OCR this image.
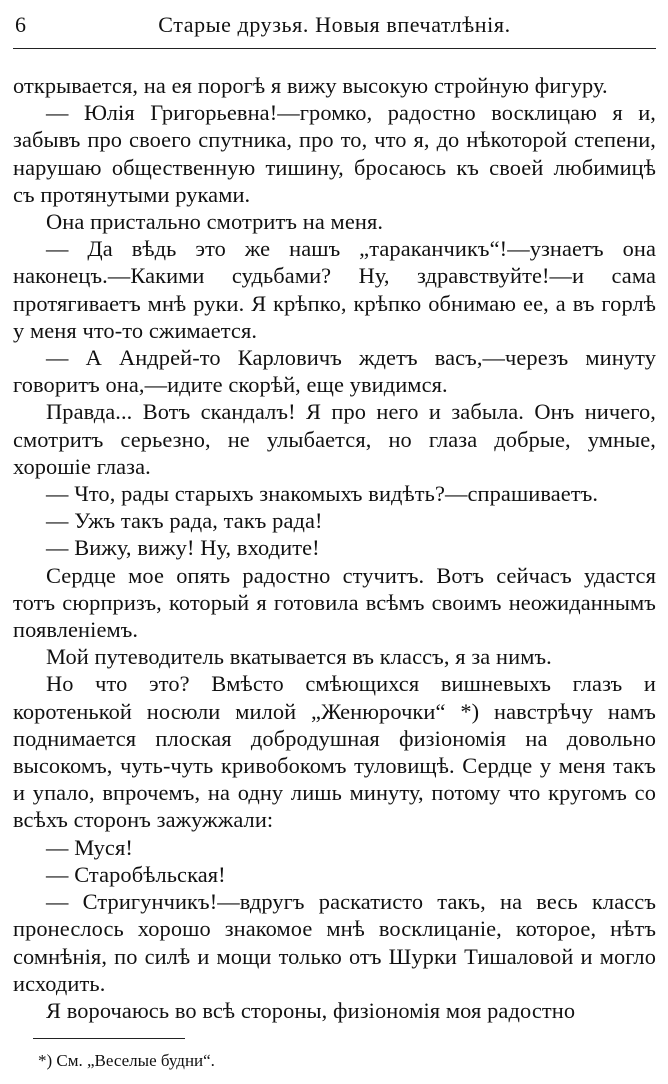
6	Старые друзья. Новыя впечатлѣнія.

открывается, на ея порогѣ я вижу высокую стройную фигуру.

— Юлія Григорьевна!—громко, радостно восклицаю я и, забывъ про своего спутника, про то, что я, до нѣкоторой степени, нарушаю общественную тишину, бросаюсь къ своей любимицѣ съ протянутыми руками.

Она пристально смотритъ на меня.

— Да вѣдь это же нашъ „тараканчикъ“!—узнаетъ она наконецъ.—Какими судьбами? Ну, здравствуйте!—и сама протягиваетъ мнѣ руки. Я крѣпко, крѣпко обнимаю ее, а въ горлѣ у меня что-то сжимается.

— А Андрей-то Карловичъ ждетъ васъ,—черезъ минуту говоритъ она,—идите скорѣй, еще увидимся.

Правда... Вотъ скандалъ! Я про него и забыла. Онъ ничего, смотритъ серьезно, не улыбается, но глаза добрые, умные, хорошіе глаза.

— Что, рады старыхъ знакомыхъ видѣть?—спрашиваетъ.

— Ужъ такъ рада, такъ рада!

— Вижу, вижу! Ну, входите!

Сердце мое опять радостно стучитъ. Вотъ сейчасъ удастся тотъ сюрпризъ, который я готовила всѣмъ своимъ неожиданнымъ появленіемъ.

Мой путеводитель вкатывается въ классъ, я за нимъ.

Но что это? Вмѣсто смѣющихся вишневыхъ глазъ и коротенькой носюли милой „Женюрочки“ *) навстрѣчу намъ поднимается плоская добродушная физіономія на довольно высокомъ, чуть-чуть кривобокомъ туловищѣ. Сердце у меня такъ и упало, впрочемъ, на одну лишь минуту, потому что кругомъ со всѣхъ сторонъ зажужжали:

— Муся!

— Старобѣльская!

— Стригунчикъ!—вдругъ раскатисто такъ, на весь классъ пронеслось хорошо знакомое мнѣ восклицаніе, которое, нѣтъ сомнѣнія, по силѣ и мощи только отъ Шурки Тишаловой и могло исходить.

Я ворочаюсь во всѣ стороны, физіономія моя радостно

*) См. „Веселые будни“.
